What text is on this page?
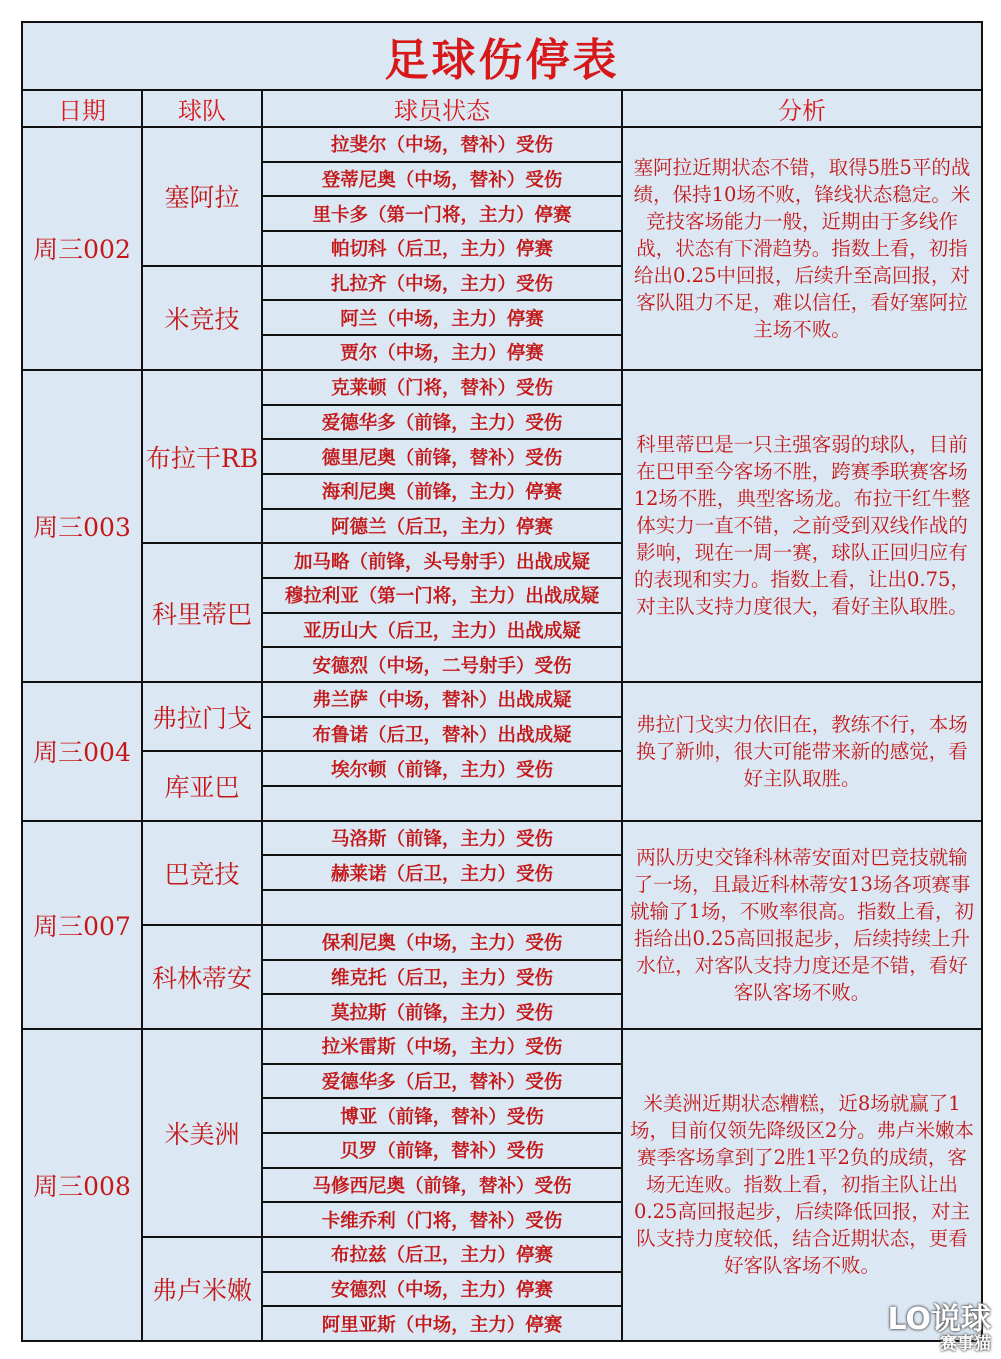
足球伤停表			
日期	球队	球员状态	分析
周三002	塞阿拉	拉斐尔（中场，替补）受伤	塞阿拉近期状态不错，取得5胜5平的战绩，保持10场不败，锋线状态稳定。米竞技客场能力一般，近期由于多线作战，状态有下滑趋势。指数上看，初指给出0.25中回报，后续升至高回报，对客队阻力不足，难以信任，看好塞阿拉主场不败。
		登蒂尼奥（中场，替补）受伤	
		里卡多（第一门将，主力）停赛	
		帕切科（后卫，主力）停赛	
	米竞技	扎拉齐（中场，主力）受伤	
		阿兰（中场，主力）停赛	
		贾尔（中场，主力）停赛	
周三003	布拉干RB	克莱顿（门将，替补）受伤	科里蒂巴是一只主强客弱的球队，目前在巴甲至今客场不胜，跨赛季联赛客场12场不胜，典型客场龙。布拉干红牛整体实力一直不错，之前受到双线作战的影响，现在一周一赛，球队正回归应有的表现和实力。指数上看，让出0.75，对主队支持力度很大，看好主队取胜。
		爱德华多（前锋，主力）受伤	
		德里尼奥（前锋，替补）受伤	
		海利尼奥（前锋，主力）停赛	
		阿德兰（后卫，主力）停赛	
	科里蒂巴	加马略（前锋，头号射手）出战成疑	
		穆拉利亚（第一门将，主力）出战成疑	
		亚历山大（后卫，主力）出战成疑	
		安德烈（中场，二号射手）受伤	
周三004	弗拉门戈	弗兰萨（中场，替补）出战成疑	弗拉门戈实力依旧在，教练不行，本场换了新帅，很大可能带来新的感觉，看好主队取胜。
		布鲁诺（后卫，替补）出战成疑	
	库亚巴	埃尔顿（前锋，主力）受伤	

周三007	巴竞技	马洛斯（前锋，主力）受伤	两队历史交锋科林蒂安面对巴竞技就输了一场，且最近科林蒂安13场各项赛事就输了1场，不败率很高。指数上看，初指给出0.25高回报起步，后续持续上升水位，对客队支持力度还是不错，看好客队客场不败。
		赫莱诺（后卫，主力）受伤	

	科林蒂安	保利尼奥（中场，主力）受伤	
		维克托（后卫，主力）受伤	
		莫拉斯（前锋，主力）受伤	
周三008	米美洲	拉米雷斯（中场，主力）受伤	米美洲近期状态糟糕，近8场就赢了1场，目前仅领先降级区2分。弗卢米嫩本赛季客场拿到了2胜1平2负的成绩，客场无连败。指数上看，初指主队让出0.25高回报起步，后续降低回报，对主队支持力度较低，结合近期状态，更看好客队客场不败。
		爱德华多（后卫，替补）受伤	
		博亚（前锋，替补）受伤	
		贝罗（前锋，替补）受伤	
		马修西尼奥（前锋，替补）受伤	
		卡维乔利（门将，替补）受伤	
	弗卢米嫩	布拉兹（后卫，主力）停赛	
		安德烈（中场，主力）停赛	
		阿里亚斯（中场，主力）停赛		LO说球
赛事猫
